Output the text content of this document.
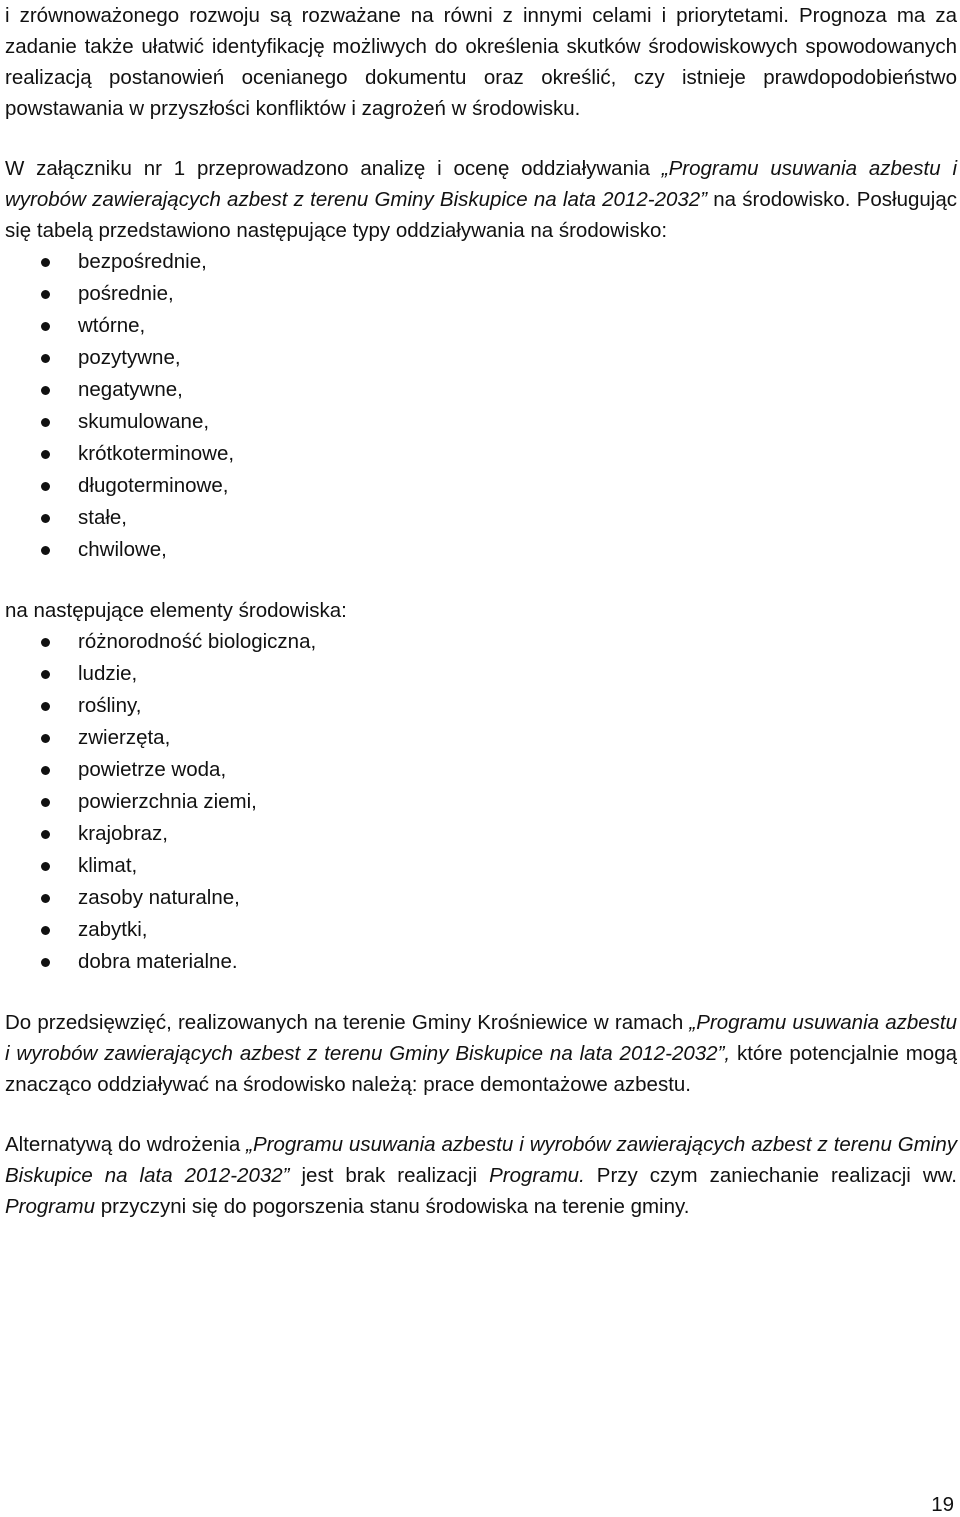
i zrównoważonego rozwoju są rozważane na równi z innymi celami i priorytetami. Prognoza ma za zadanie także ułatwić identyfikację możliwych do określenia skutków środowiskowych spowodowanych realizacją postanowień ocenianego dokumentu oraz określić, czy istnieje prawdopodobieństwo powstawania w przyszłości konfliktów i zagrożeń w środowisku.

W załączniku nr 1 przeprowadzono analizę i ocenę oddziaływania „Programu usuwania azbestu i wyrobów zawierających azbest z terenu Gminy Biskupice na lata 2012-2032” na środowisko. Posługując się tabelą przedstawiono następujące typy oddziaływania na środowisko:

bezpośrednie,
pośrednie,
wtórne,
pozytywne,
negatywne,
skumulowane,
krótkoterminowe,
długoterminowe,
stałe,
chwilowe,

na następujące elementy środowiska:

różnorodność biologiczna,
ludzie,
rośliny,
zwierzęta,
powietrze woda,
powierzchnia ziemi,
krajobraz,
klimat,
zasoby naturalne,
zabytki,
dobra materialne.

Do przedsięwzięć, realizowanych na terenie Gminy Krośniewice w ramach „Programu usuwania azbestu i wyrobów zawierających azbest z terenu Gminy Biskupice na lata 2012-2032”, które potencjalnie mogą znacząco oddziaływać na środowisko należą: prace demontażowe azbestu.

Alternatywą do wdrożenia „Programu usuwania azbestu i wyrobów zawierających azbest z terenu Gminy Biskupice na lata 2012-2032” jest brak realizacji Programu. Przy czym zaniechanie realizacji ww. Programu przyczyni się do pogorszenia stanu środowiska na terenie gminy.

19
